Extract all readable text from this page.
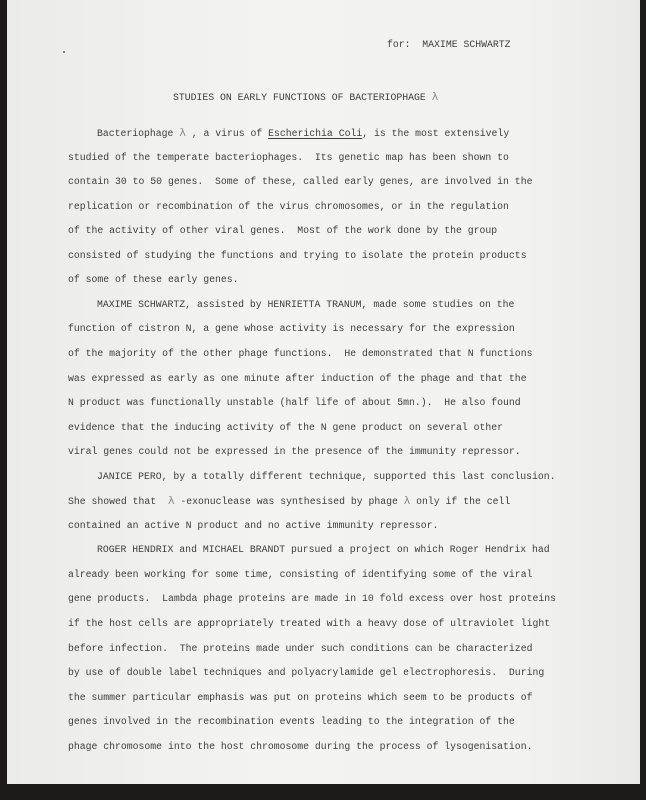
for: MAXIME SCHWARTZ
STUDIES ON EARLY FUNCTIONS OF BACTERIOPHAGE λ
Bacteriophage λ , a virus of Escherichia Coli, is the most extensively
studied of the temperate bacteriophages.  Its genetic map has been shown to
contain 30 to 50 genes.  Some of these, called early genes, are involved in the
replication or recombination of the virus chromosomes, or in the regulation
of the activity of other viral genes.  Most of the work done by the group
consisted of studying the functions and trying to isolate the protein products
of some of these early genes.
MAXIME SCHWARTZ, assisted by HENRIETTA TRANUM, made some studies on the
function of cistron N, a gene whose activity is necessary for the expression
of the majority of the other phage functions.  He demonstrated that N functions
was expressed as early as one minute after induction of the phage and that the
N product was functionally unstable (half life of about 5mn.).  He also found
evidence that the inducing activity of the N gene product on several other
viral genes could not be expressed in the presence of the immunity repressor.
JANICE PERO, by a totally different technique, supported this last conclusion.
She showed that  λ -exonuclease was synthesised by phage λ only if the cell
contained an active N product and no active immunity repressor.
ROGER HENDRIX and MICHAEL BRANDT pursued a project on which Roger Hendrix had
already been working for some time, consisting of identifying some of the viral
gene products.  Lambda phage proteins are made in 10 fold excess over host proteins
if the host cells are appropriately treated with a heavy dose of ultraviolet light
before infection.  The proteins made under such conditions can be characterized
by use of double label techniques and polyacrylamide gel electrophoresis.  During
the summer particular emphasis was put on proteins which seem to be products of
genes involved in the recombination events leading to the integration of the
phage chromosome into the host chromosome during the process of lysogenisation.
